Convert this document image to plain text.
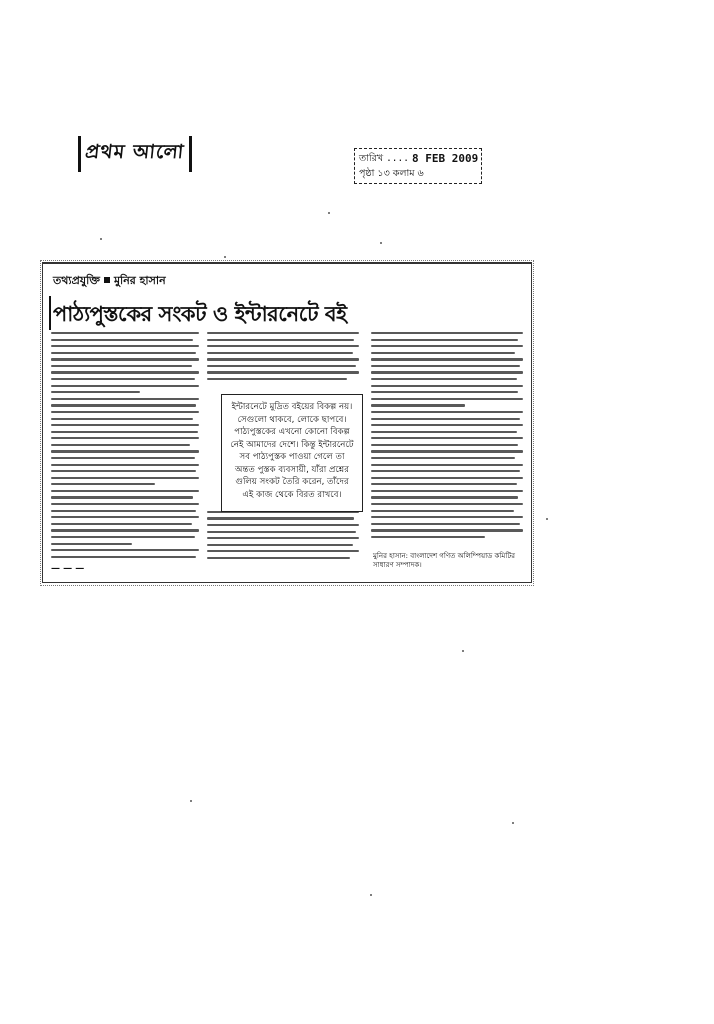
প্রথম আলো	তারিখ .... 8 FEB 2009
পৃষ্ঠা ১৩ কলাম ৬
তথ্যপ্রযুক্তি মুনির হাসান
পাঠ্যপুস্তকের সংকট ও ইন্টারনেটে বই
ইন্টারনেটে মুদ্রিত বইয়ের বিকল্প নয়। সেগুলো থাকবে, লোকে ছাপবে। পাঠ্যপুস্তকের এখনো কোনো বিকল্প নেই আমাদের দেশে। কিন্তু ইন্টারনেটে সব পাঠ্যপুস্তক পাওয়া গেলে তা অন্তত পুস্তক ব্যবসায়ী, যাঁরা প্রশ্নের গুলিয় সংকট তৈরি করেন, তাঁদের এই কাজ থেকে বিরত রাখবে।
মুনির হাসান: বাংলাদেশ গণিত অলিম্পিয়াড কমিটির সাধারণ সম্পাদক।
— — —
